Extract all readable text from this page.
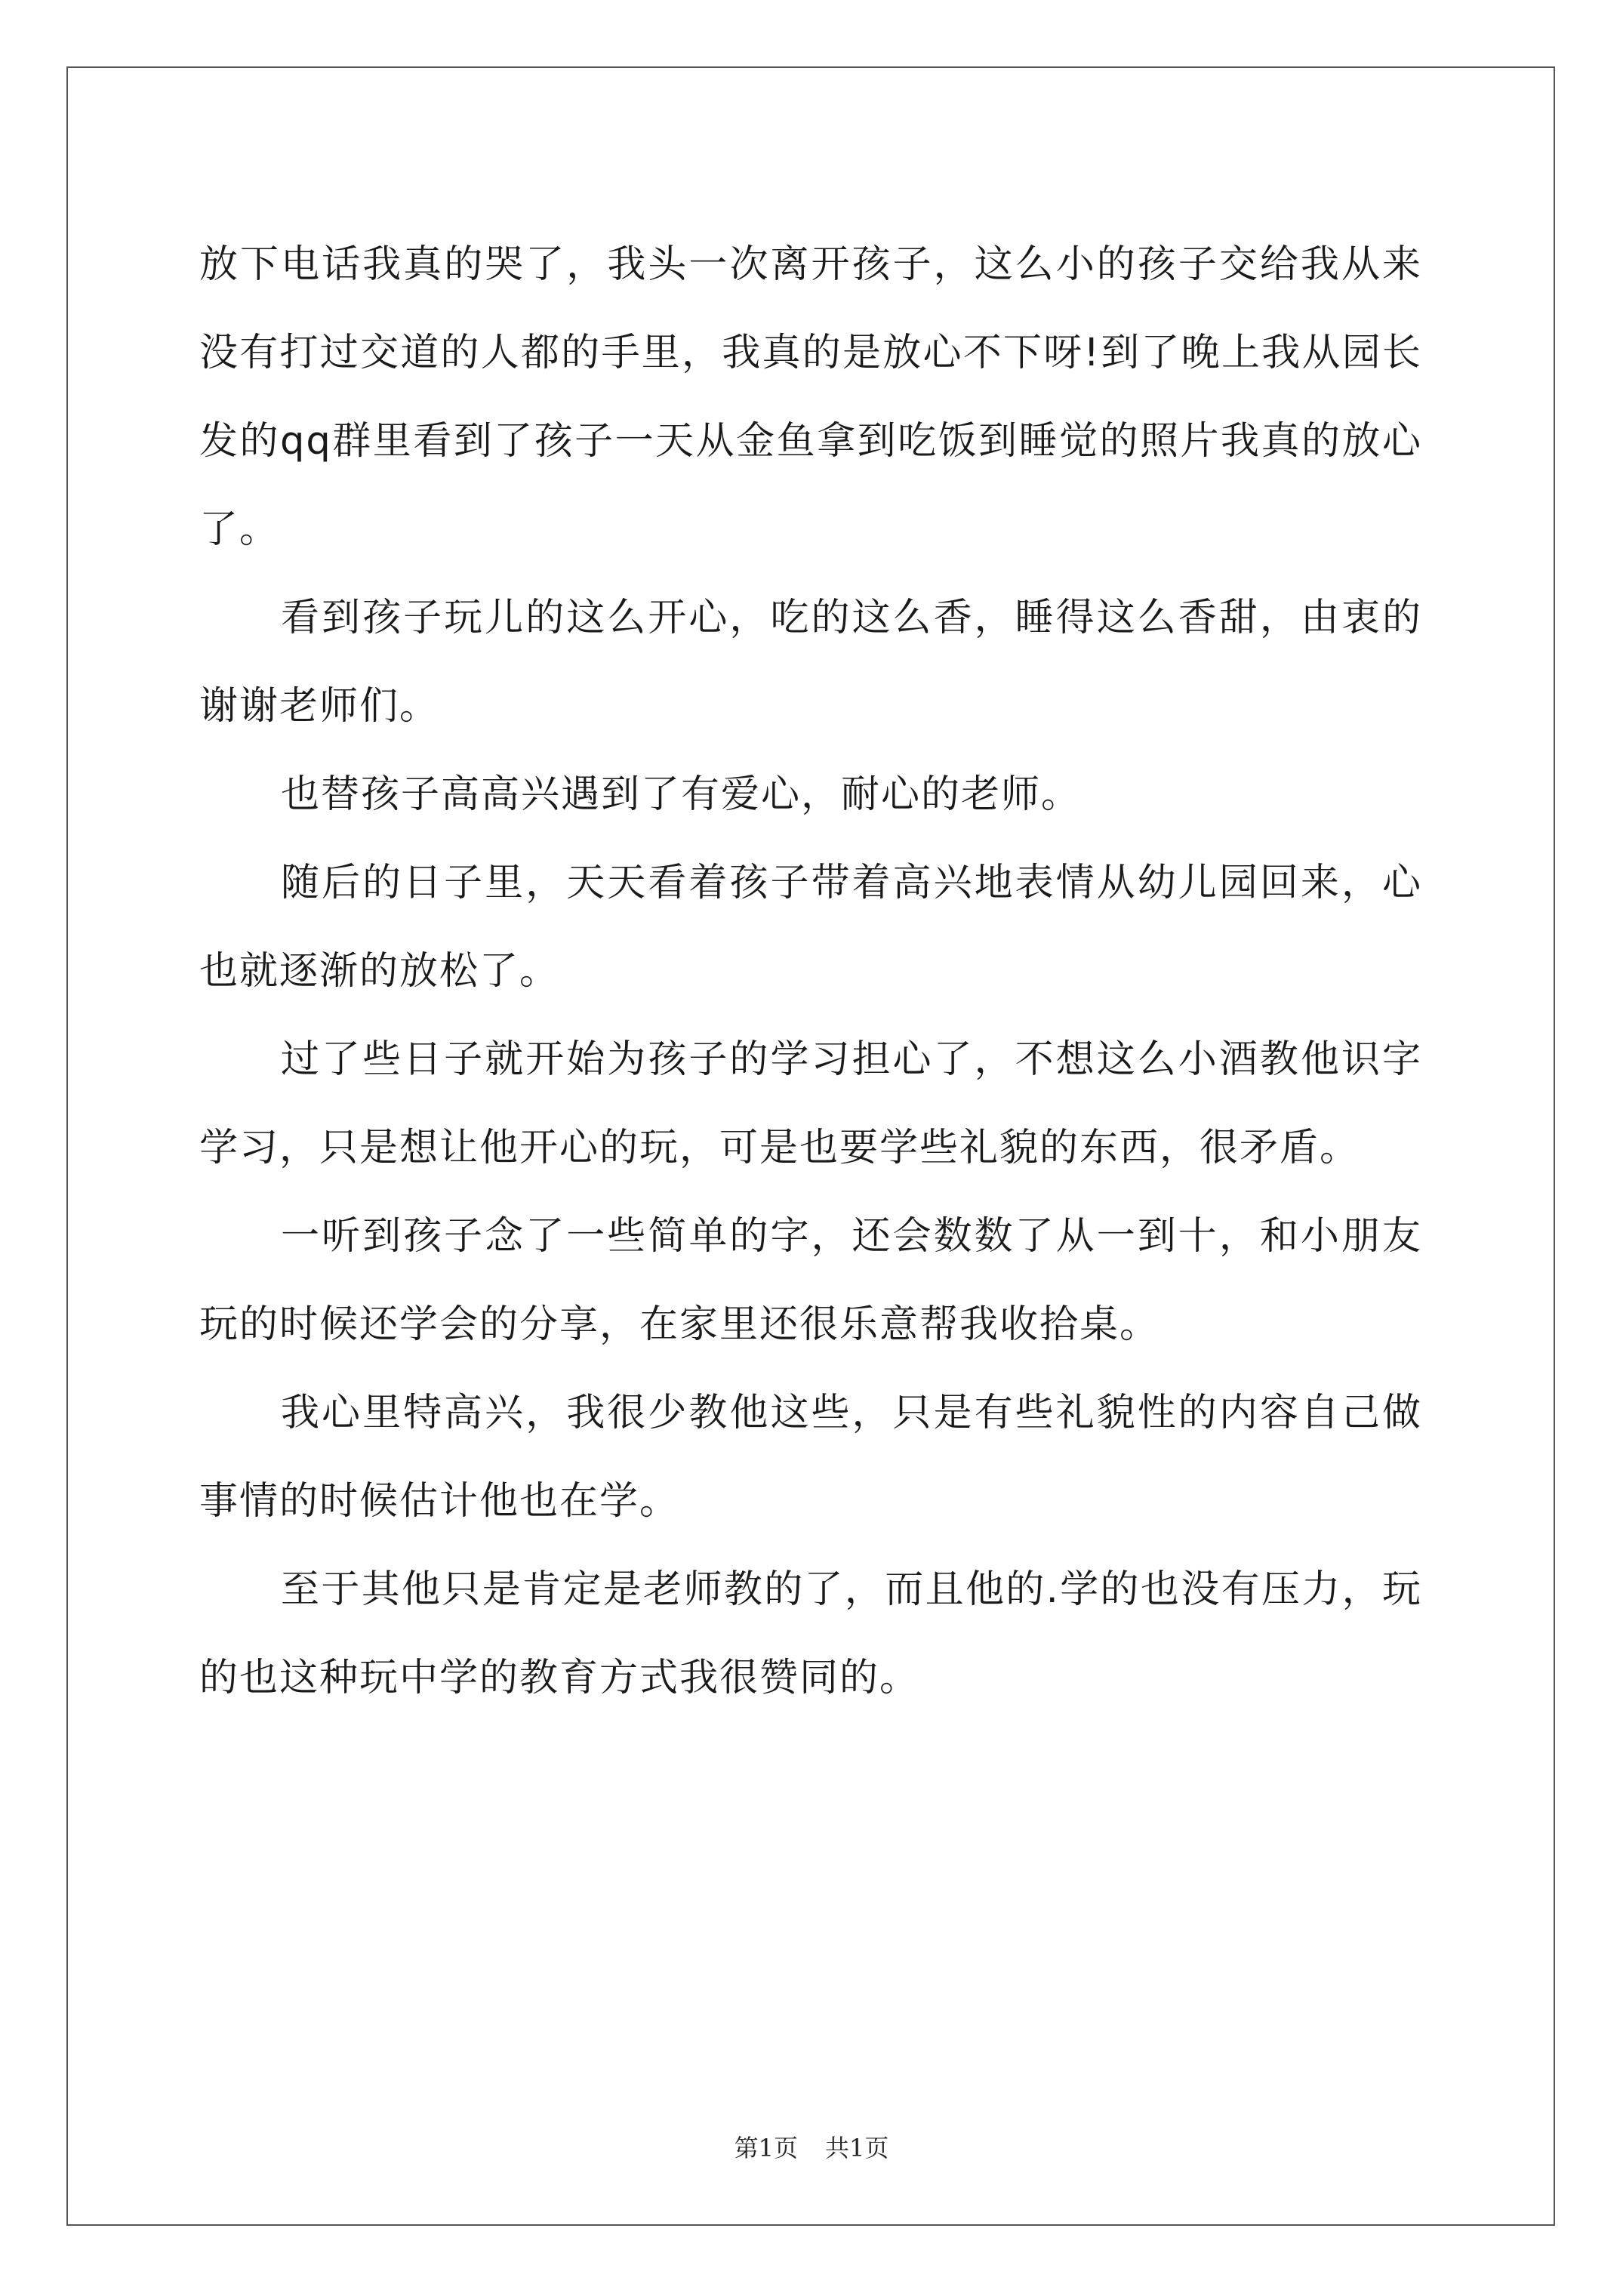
放下电话我真的哭了，我头一次离开孩子，这么小的孩子交给我从来没有打过交道的人都的手里，我真的是放心不下呀!到了晚上我从园长发的qq群里看到了孩子一天从金鱼拿到吃饭到睡觉的照片我真的放心了。

看到孩子玩儿的这么开心，吃的这么香，睡得这么香甜，由衷的谢谢老师们。

也替孩子高高兴遇到了有爱心，耐心的老师。

随后的日子里，天天看着孩子带着高兴地表情从幼儿园回来，心也就逐渐的放松了。

过了些日子就开始为孩子的学习担心了，不想这么小酒教他识字学习，只是想让他开心的玩，可是也要学些礼貌的东西，很矛盾。

一听到孩子念了一些简单的字，还会数数了从一到十，和小朋友玩的时候还学会的分享，在家里还很乐意帮我收拾桌。

我心里特高兴，我很少教他这些，只是有些礼貌性的内容自己做事情的时候估计他也在学。

至于其他只是肯定是老师教的了，而且他的.学的也没有压力，玩的也这种玩中学的教育方式我很赞同的。

第1页 共1页
